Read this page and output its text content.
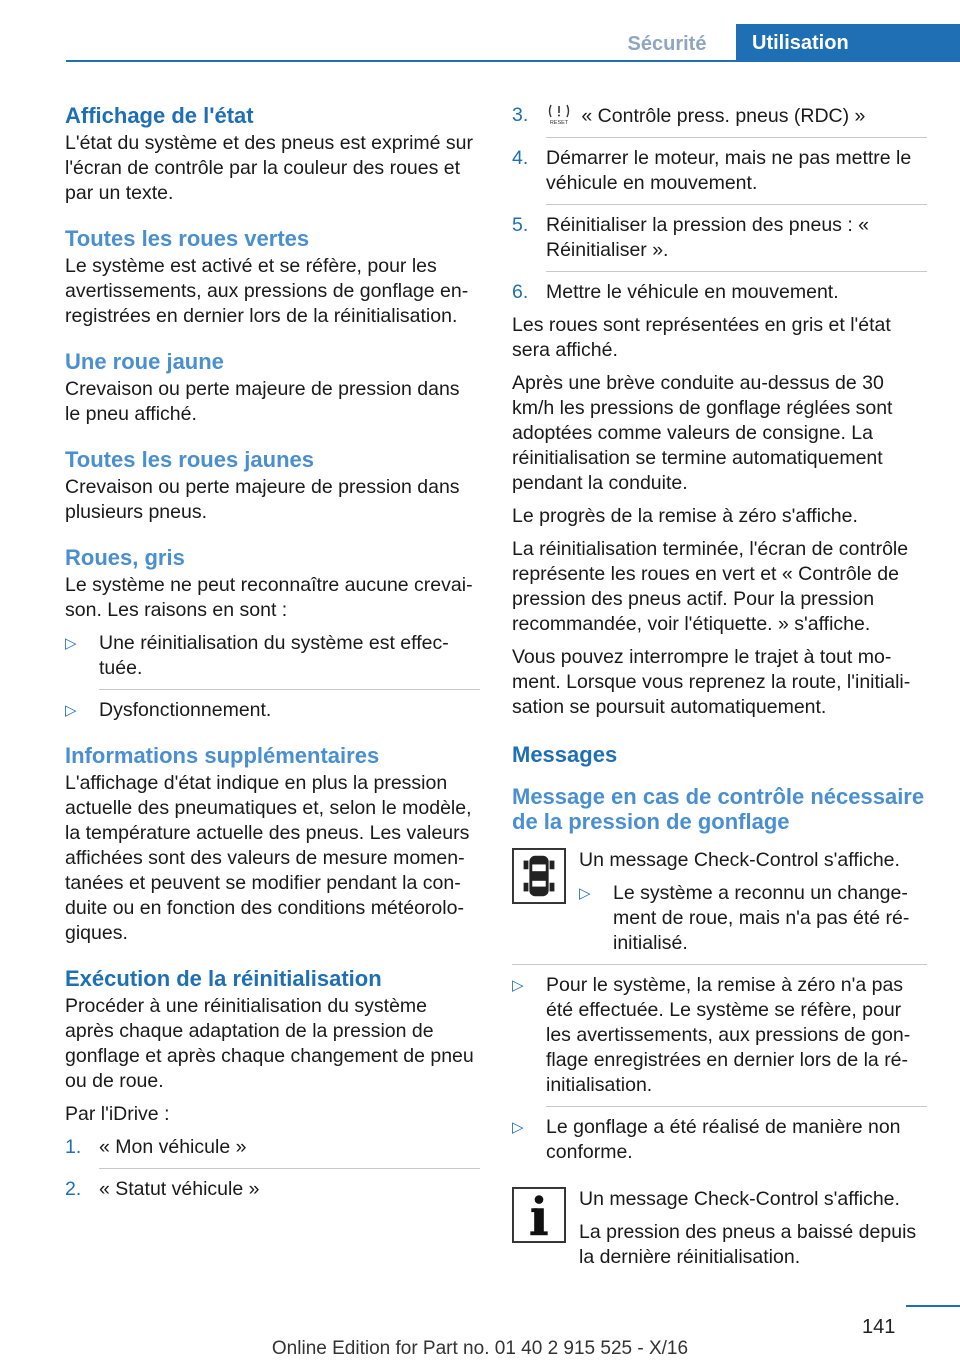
Sécurité	Utilisation
Affichage de l'état

L'état du système et des pneus est exprimé sur l'écran de contrôle par la couleur des roues et par un texte.

Toutes les roues vertes

Le système est activé et se réfère, pour les avertissements, aux pressions de gonflage enregistrées en dernier lors de la réinitialisation.

Une roue jaune

Crevaison ou perte majeure de pression dans le pneu affiché.

Toutes les roues jaunes

Crevaison ou perte majeure de pression dans plusieurs pneus.

Roues, gris

Le système ne peut reconnaître aucune crevaison. Les raisons en sont :

▷ Une réinitialisation du système est effectuée.
▷ Dysfonctionnement.
Informations supplémentaires

L'affichage d'état indique en plus la pression actuelle des pneumatiques et, selon le modèle, la température actuelle des pneus. Les valeurs affichées sont des valeurs de mesure momentanées et peuvent se modifier pendant la conduite ou en fonction des conditions météorologiques.

Exécution de la réinitialisation

Procéder à une réinitialisation du système après chaque adaptation de la pression de gonflage et après chaque changement de pneu ou de roue.

Par l'iDrive :

1. « Mon véhicule »
2. « Statut véhicule »
3.	RESET « Contrôle press. pneus (RDC) »
4. Démarrer le moteur, mais ne pas mettre le véhicule en mouvement.
5. Réinitialiser la pression des pneus : « Réinitialiser ».
6. Mettre le véhicule en mouvement.

Les roues sont représentées en gris et l'état sera affiché.

Après une brève conduite au-dessus de 30 km/h les pressions de gonflage réglées sont adoptées comme valeurs de consigne. La réinitialisation se termine automatiquement pendant la conduite.

Le progrès de la remise à zéro s'affiche.

La réinitialisation terminée, l'écran de contrôle représente les roues en vert et « Contrôle de pression des pneus actif. Pour la pression recommandée, voir l'étiquette. » s'affiche.

Vous pouvez interrompre le trajet à tout moment. Lorsque vous reprenez la route, l'initialisation se poursuit automatiquement.

Messages
Message en cas de contrôle nécessaire de la pression de gonflage

Un message Check-Control s'affiche.

▷ Le système a reconnu un changement de roue, mais n'a pas été réinitialisé.
▷ Pour le système, la remise à zéro n'a pas été effectuée. Le système se réfère, pour les avertissements, aux pressions de gonflage enregistrées en dernier lors de la réinitialisation.
▷ Le gonflage a été réalisé de manière non conforme.

Un message Check-Control s'affiche.

La pression des pneus a baissé depuis la dernière réinitialisation.

141
Online Edition for Part no. 01 40 2 915 525 - X/16
